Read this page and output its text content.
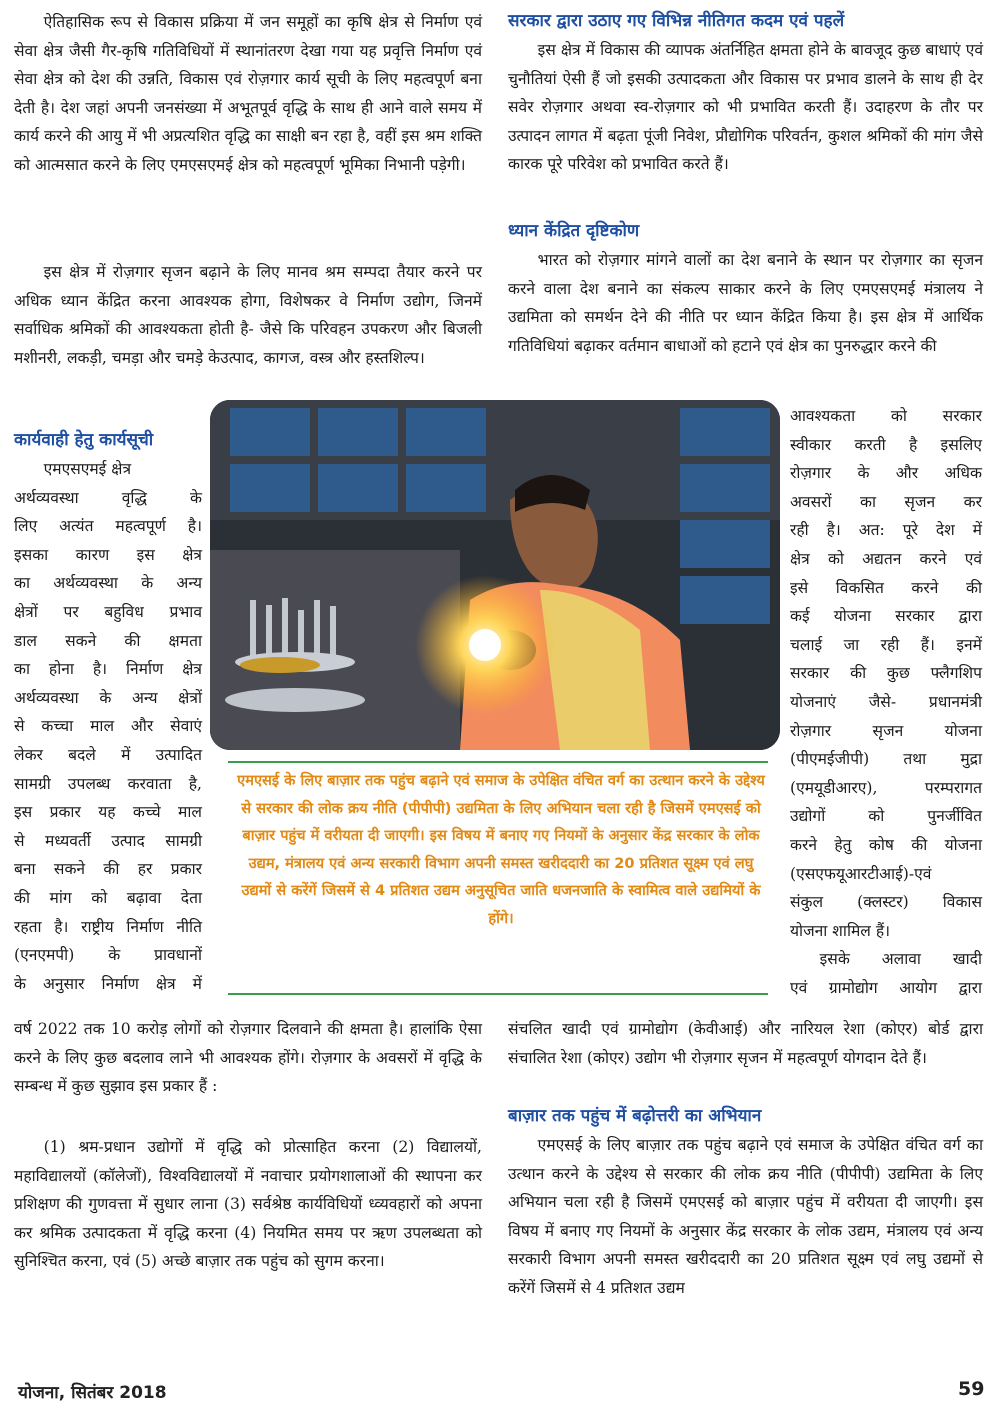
ऐतिहासिक रूप से विकास प्रक्रिया में जन समूहों का कृषि क्षेत्र से निर्माण एवं सेवा क्षेत्र जैसी गैर-कृषि गतिविधियों में स्थानांतरण देखा गया यह प्रवृत्ति निर्माण एवं सेवा क्षेत्र को देश की उन्नति, विकास एवं रोज़गार कार्य सूची के लिए महत्वपूर्ण बना देती है। देश जहां अपनी जनसंख्या में अभूतपूर्व वृद्धि के साथ ही आने वाले समय में कार्य करने की आयु में भी अप्रत्यशित वृद्धि का साक्षी बन रहा है, वहीं इस श्रम शक्ति को आत्मसात करने के लिए एमएसएमई क्षेत्र को महत्वपूर्ण भूमिका निभानी पड़ेगी।

इस क्षेत्र में रोज़गार सृजन बढ़ाने के लिए मानव श्रम सम्पदा तैयार करने पर अधिक ध्यान केंद्रित करना आवश्यक होगा, विशेषकर वे निर्माण उद्योग, जिनमें सर्वाधिक श्रमिकों की आवश्यकता होती है- जैसे कि परिवहन उपकरण और बिजली मशीनरी, लकड़ी, चमड़ा और चमड़े केउत्पाद, कागज, वस्त्र और हस्तशिल्प।

कार्यवाही हेतु कार्यसूची
एमएसएमई क्षेत्र
अर्थव्यवस्था वृद्धि के
लिए अत्यंत महत्वपूर्ण है।
इसका कारण इस क्षेत्र
का अर्थव्यवस्था के अन्य
क्षेत्रों पर बहुविध प्रभाव
डाल सकने की क्षमता
का होना है। निर्माण क्षेत्र
अर्थव्यवस्था के अन्य क्षेत्रों
से कच्चा माल और सेवाएं
लेकर बदले में उत्पादित
सामग्री उपलब्ध करवाता है,
इस प्रकार यह कच्चे माल
से मध्यवर्ती उत्पाद सामग्री
बना सकने की हर प्रकार
की मांग को बढ़ावा देता
रहता है। राष्ट्रीय निर्माण नीति
(एनएमपी) के प्रावधानों
के अनुसार निर्माण क्षेत्र में

वर्ष 2022 तक 10 करोड़ लोगों को रोज़गार दिलवाने की क्षमता है। हालांकि ऐसा करने के लिए कुछ बदलाव लाने भी आवश्यक होंगे। रोज़गार के अवसरों में वृद्धि के सम्बन्ध में कुछ सुझाव इस प्रकार हैं :

(1) श्रम-प्रधान उद्योगों में वृद्धि को प्रोत्साहित करना (2) विद्यालयों, महाविद्यालयों (कॉलेजों), विश्वविद्यालयों में नवाचार प्रयोगशालाओं की स्थापना कर प्रशिक्षण की गुणवत्ता में सुधार लाना (3) सर्वश्रेष्ठ कार्यविधियों ध्व्यवहारों को अपना कर श्रमिक उत्पादकता में वृद्धि करना (4) नियमित समय पर ऋण उपलब्धता को सुनिश्चित करना, एवं (5) अच्छे बाज़ार तक पहुंच को सुगम करना।

सरकार द्वारा उठाए गए विभिन्न नीतिगत कदम एवं पहलें

इस क्षेत्र में विकास की व्यापक अंतर्निहित क्षमता होने के बावजूद कुछ बाधाएं एवं चुनौतियां ऐसी हैं जो इसकी उत्पादकता और विकास पर प्रभाव डालने के साथ ही देर सवेर रोज़गार अथवा स्व-रोज़गार को भी प्रभावित करती हैं। उदाहरण के तौर पर उत्पादन लागत में बढ़ता पूंजी निवेश, प्रौद्योगिक परिवर्तन, कुशल श्रमिकों की मांग जैसे कारक पूरे परिवेश को प्रभावित करते हैं।

ध्यान केंद्रित दृष्टिकोण

भारत को रोज़गार मांगने वालों का देश बनाने के स्थान पर रोज़गार का सृजन करने वाला देश बनाने का संकल्प साकार करने के लिए एमएसएमई मंत्रालय ने उद्यमिता को समर्थन देने की नीति पर ध्यान केंद्रित किया है। इस क्षेत्र में आर्थिक गतिविधियां बढ़ाकर वर्तमान बाधाओं को हटाने एवं क्षेत्र का पुनरुद्धार करने की

आवश्यकता को सरकार
स्वीकार करती है इसलिए
रोज़गार के और अधिक
अवसरों का सृजन कर
रही है। अत: पूरे देश में
क्षेत्र को अद्यतन करने एवं
इसे विकसित करने की
कई योजना सरकार द्वारा
चलाई जा रही हैं। इनमें
सरकार की कुछ फ्लैगशिप
योजनाएं जैसे- प्रधानमंत्री
रोज़गार सृजन योजना
(पीएमईजीपी) तथा मुद्रा
(एमयूडीआरए), परम्परागत
उद्योगों को पुनर्जीवित
करने हेतु कोष की योजना
(एसएफयूआरटीआई)-एवं
संकुल (क्लस्टर) विकास
योजना शामिल हैं।
इसके अलावा खादी
एवं ग्रामोद्योग आयोग द्वारा

संचलित खादी एवं ग्रामोद्योग (केवीआई) और नारियल रेशा (कोएर) बोर्ड द्वारा संचालित रेशा (कोएर) उद्योग भी रोज़गार सृजन में महत्वपूर्ण योगदान देते हैं।

बाज़ार तक पहुंच में बढ़ोत्तरी का अभियान

एमएसई के लिए बाज़ार तक पहुंच बढ़ाने एवं समाज के उपेक्षित वंचित वर्ग का उत्थान करने के उद्देश्य से सरकार की लोक क्रय नीति (पीपीपी) उद्यमिता के लिए अभियान चला रही है जिसमें एमएसई को बाज़ार पहुंच में वरीयता दी जाएगी। इस विषय में बनाए गए नियमों के अनुसार केंद्र सरकार के लोक उद्यम, मंत्रालय एवं अन्य सरकारी विभाग अपनी समस्त खरीददारी का 20 प्रतिशत सूक्ष्म एवं लघु उद्यमों से करेंगें जिसमें से 4 प्रतिशत उद्यम

एमएसई के लिए बाज़ार तक पहुंच बढ़ाने एवं समाज के उपेक्षित वंचित वर्ग का उत्थान करने के उद्देश्य से सरकार की लोक क्रय नीति (पीपीपी) उद्यमिता के लिए अभियान चला रही है जिसमें एमएसई को बाज़ार पहुंच में वरीयता दी जाएगी। इस विषय में बनाए गए नियमों के अनुसार केंद्र सरकार के लोक उद्यम, मंत्रालय एवं अन्य सरकारी विभाग अपनी समस्त खरीददारी का 20 प्रतिशत सूक्ष्म एवं लघु उद्यमों से करेंगें जिसमें से 4 प्रतिशत उद्यम अनुसूचित जाति धजनजाति के स्वामित्व वाले उद्यमियों के होंगे।
योजना, सितंबर 2018	59
